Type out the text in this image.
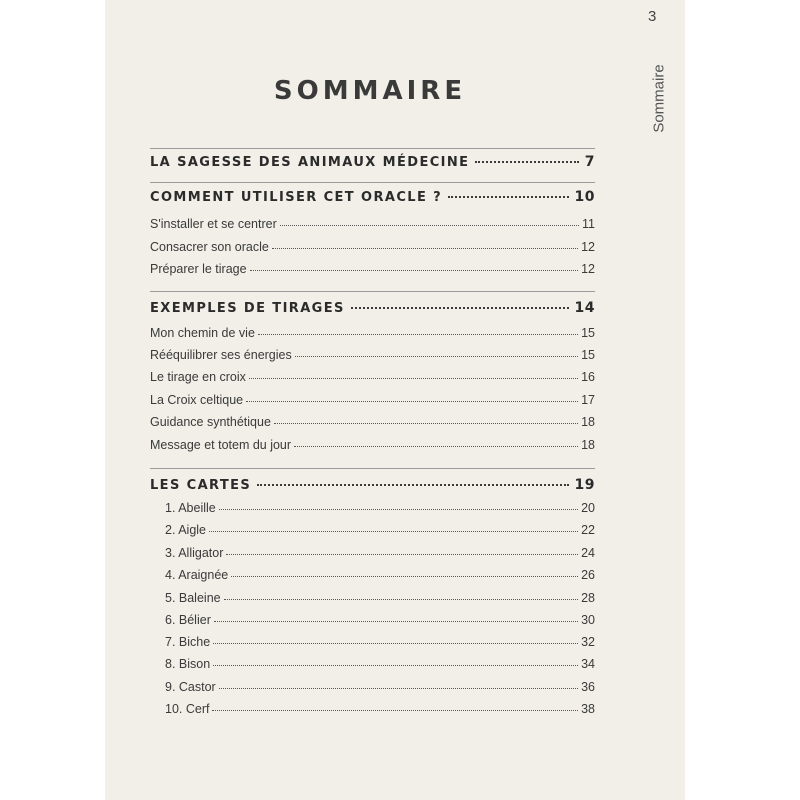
3
Sommaire
SOMMAIRE
LA SAGESSE DES ANIMAUX MÉDECINE	7
COMMENT UTILISER CET ORACLE ?	10
S'installer et se centrer	11
Consacrer son oracle	12
Préparer le tirage	12
EXEMPLES DE TIRAGES	14
Mon chemin de vie	15
Rééquilibrer ses énergies	15
Le tirage en croix	16
La Croix celtique	17
Guidance synthétique	18
Message et totem du jour	18
LES CARTES	19
1. Abeille	20
2. Aigle	22
3. Alligator	24
4. Araignée	26
5. Baleine	28
6. Bélier	30
7. Biche	32
8. Bison	34
9. Castor	36
10. Cerf	38
